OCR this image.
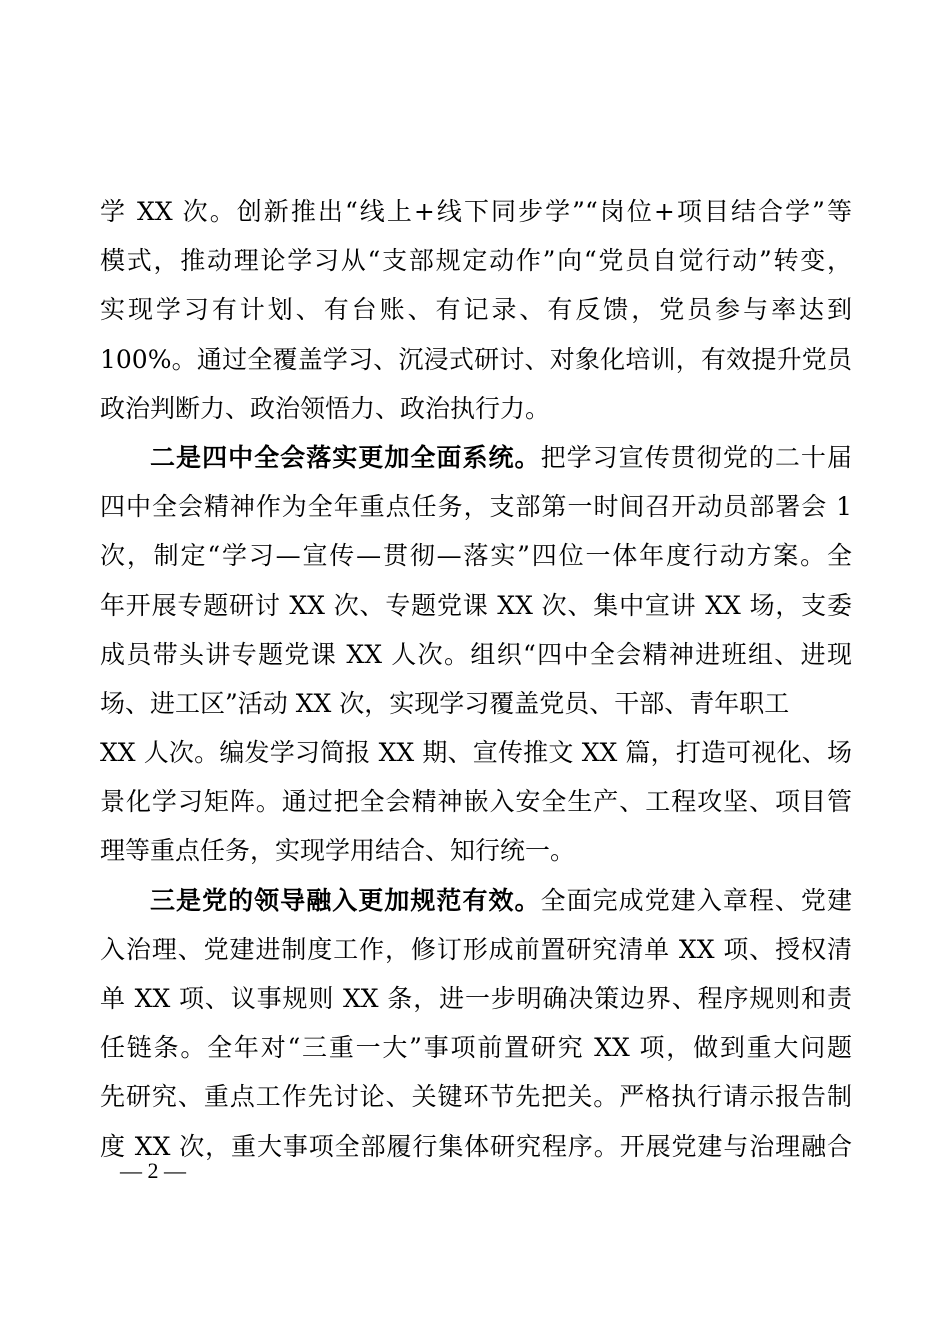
学 XX 次。创新推出“线上+线下同步学”“岗位+项目结合学”等
模式，推动理论学习从“支部规定动作”向“党员自觉行动”转变，
实现学习有计划、有台账、有记录、有反馈，党员参与率达到
100%。通过全覆盖学习、沉浸式研讨、对象化培训，有效提升党员
政治判断力、政治领悟力、政治执行力。
二是四中全会落实更加全面系统。把学习宣传贯彻党的二十届
四中全会精神作为全年重点任务，支部第一时间召开动员部署会 1
次，制定“学习—宣传—贯彻—落实”四位一体年度行动方案。全
年开展专题研讨 XX 次、专题党课 XX 次、集中宣讲 XX 场，支委
成员带头讲专题党课 XX 人次。组织“四中全会精神进班组、进现
场、进工区”活动 XX 次，实现学习覆盖党员、干部、青年职工
XX 人次。编发学习简报 XX 期、宣传推文 XX 篇，打造可视化、场
景化学习矩阵。通过把全会精神嵌入安全生产、工程攻坚、项目管
理等重点任务，实现学用结合、知行统一。
三是党的领导融入更加规范有效。全面完成党建入章程、党建
入治理、党建进制度工作，修订形成前置研究清单 XX 项、授权清
单 XX 项、议事规则 XX 条，进一步明确决策边界、程序规则和责
任链条。全年对“三重一大”事项前置研究 XX 项，做到重大问题
先研究、重点工作先讨论、关键环节先把关。严格执行请示报告制
度 XX 次，重大事项全部履行集体研究程序。开展党建与治理融合
— 2 —
